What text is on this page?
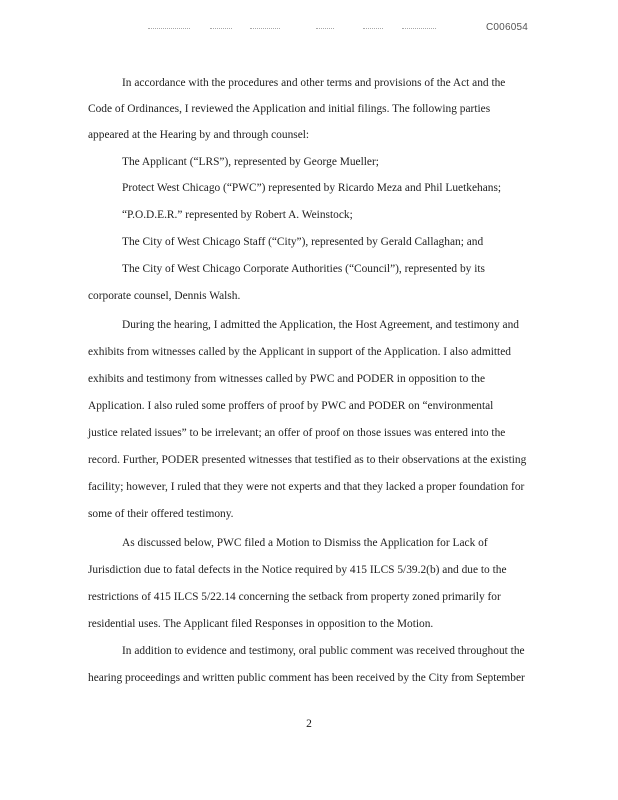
C006054
In accordance with the procedures and other terms and provisions of the Act and the
Code of Ordinances, I reviewed the Application and initial filings. The following parties
appeared at the Hearing by and through counsel:
The Applicant (“LRS”), represented by George Mueller;
Protect West Chicago (“PWC”) represented by Ricardo Meza and Phil Luetkehans;
“P.O.D.E.R.” represented by Robert A. Weinstock;
The City of West Chicago Staff (“City”), represented by Gerald Callaghan; and
The City of West Chicago Corporate Authorities (“Council”), represented by its
corporate counsel, Dennis Walsh.
During the hearing, I admitted the Application, the Host Agreement, and testimony and
exhibits from witnesses called by the Applicant in support of the Application. I also admitted
exhibits and testimony from witnesses called by PWC and PODER in opposition to the
Application. I also ruled some proffers of proof by PWC and PODER on “environmental
justice related issues” to be irrelevant; an offer of proof on those issues was entered into the
record. Further, PODER presented witnesses that testified as to their observations at the existing
facility; however, I ruled that they were not experts and that they lacked a proper foundation for
some of their offered testimony.
As discussed below, PWC filed a Motion to Dismiss the Application for Lack of
Jurisdiction due to fatal defects in the Notice required by 415 ILCS 5/39.2(b) and due to the
restrictions of 415 ILCS 5/22.14 concerning the setback from property zoned primarily for
residential uses. The Applicant filed Responses in opposition to the Motion.
In addition to evidence and testimony, oral public comment was received throughout the
hearing proceedings and written public comment has been received by the City from September
2
